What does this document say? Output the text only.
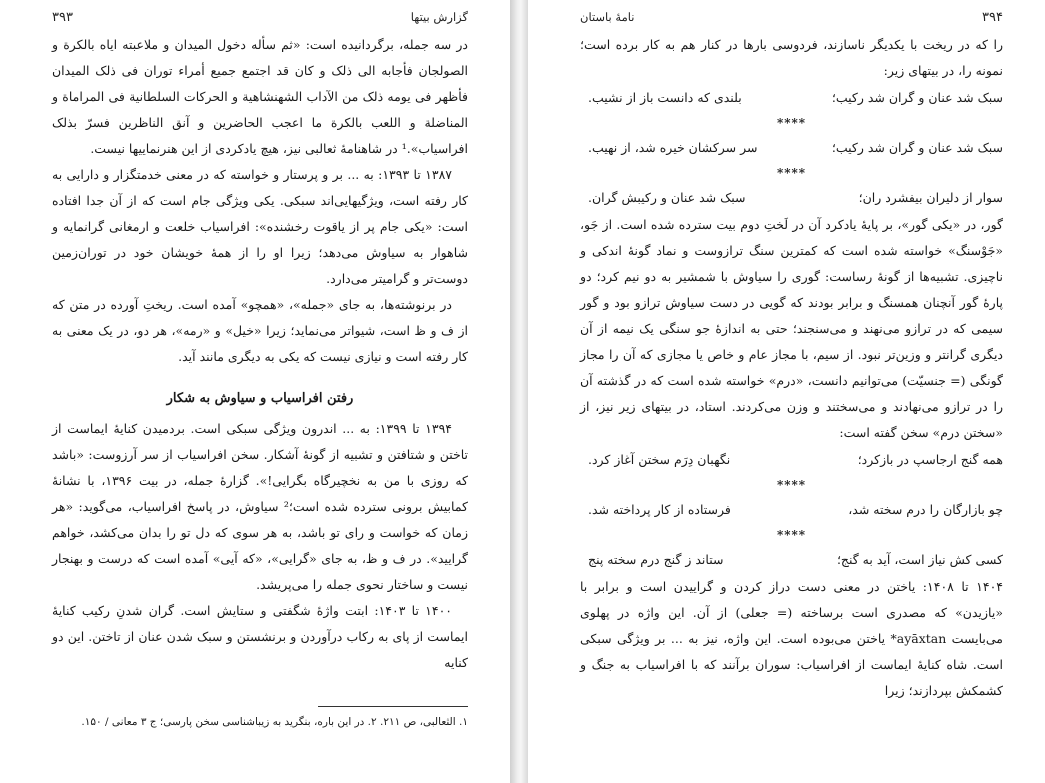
گزارش بیتها
۳۹۳

در سه جمله، برگردانیده است: «ثم سأله دخول المیدان و ملاعبته ایاه بالکرة و الصولجان فأجابه الی ذلک و کان قد اجتمع جمیع أمراء توران فی ذلک المیدان فأظهر فی یومه ذلک من الآداب الشهنشاهیة و الحرکات السلطانیة فی المراماة و المناضلة و اللعب بالکرة ما اعجب الحاضرین و آنق الناظرین فسرّ بذلک افراسیاب».¹ در شاهنامهٔ ثعالبی نیز، هیچ یادکردی از این هنرنماییها نیست.

۱۳۸۷ تا ۱۳۹۳: به ... بر و پرستار و خواسته که در معنی خدمتگزار و دارایی به کار رفته است، ویژگیهایی‌اند سبکی. یکی ویژگی جام است که از آن جدا افتاده است: «یکی جام پر از یاقوت رخشنده»: افراسیاب خلعت و ارمغانی گرانمایه و شاهوار به سیاوش می‌دهد؛ زیرا او را از همهٔ خویشان خود در توران‌زمین دوست‌تر و گرامیتر می‌دارد.

در برنوشته‌ها، به جای «جمله»، «همچو» آمده است. ریختِ آورده در متن که از ف و ظ است، شیواتر می‌نماید؛ زیرا «خیل» و «رمه»، هر دو، در یک معنی به کار رفته است و نیازی نیست که یکی به دیگری مانند آید.

رفتن افراسیاب و سیاوش به شکار

۱۳۹۴ تا ۱۳۹۹: به ... اندرون ویژگی سبکی است. بردمیدن کنایهٔ ایماست از تاختن و شتافتن و تشبیه از گونهٔ آشکار. سخن افراسیاب از سر آرزوست: «باشد که روزی با من به نخچیرگاه بگرایی!». گزارهٔ جمله، در بیت ۱۳۹۶، با نشانهٔ کمابیش برونی سترده شده است؛² سیاوش، در پاسخ افراسیاب، می‌گوید: «هر زمان که خواست و رای تو باشد، به هر سوی که دل تو را بدان می‌کشد، خواهم گرایید». در ف و ظ، به جای «گرایی»، «که آیی» آمده است که درست و بهنجار نیست و ساختار نحوی جمله را می‌پریشد.

۱۴۰۰ تا ۱۴۰۳: ابتت واژهٔ شگفتی و ستایش است. گران شدنِ رکیب کنایهٔ ایماست از پای به رکاب درآوردن و برنشستن و سبک شدن عنان از تاختن. این دو کنایه

۱. الثعالبی، ص ۲۱۱. ۲. در این باره، بنگرید به زیباشناسی سخن پارسی؛ ج ۳ معانی / ۱۵۰.
۳۹۴
نامهٔ باستان

را که در ریخت با یکدیگر ناسازند، فردوسی بارها در کنار هم به کار برده است؛ نمونه را، در بیتهای زیر:

سبک شد عنان و گران شد رکیب؛
بلندی که دانست باز از نشیب.
****
سبک شد عنان و گران شد رکیب؛
سر سرکشان خیره شد، از نهیب.
****
سوار از دلیران بیفشرد ران؛
سبک شد عنان و رکیبش گران.

گور، در «یکی گور»، بر پایهٔ یادکرد آن در لَختِ دوم بیت سترده شده است. از جَو، «جَوْسنگ» خواسته شده است که کمترین سنگ ترازوست و نماد گونهٔ اندکی و ناچیزی. تشبیه‌ها از گونهٔ رساست: گوری را سیاوش با شمشیر به دو نیم کرد؛ دو پارهٔ گور آنچنان همسنگ و برابر بودند که گویی در دست سیاوش ترازو بود و گور سیمی که در ترازو می‌نهند و می‌سنجند؛ حتی به اندازهٔ جو سنگی یک نیمه از آن دیگری گرانتر و وزین‌تر نبود. از سیم، با مجاز عام و خاص یا مجازی که آن را مجاز گونگی (= جنسیّت) می‌توانیم دانست، «درم» خواسته شده است که در گذشته آن را در ترازو می‌نهادند و می‌سختند و وزن می‌کردند. استاد، در بیتهای زیر نیز، از «سختن درم» سخن گفته است:

همه گنج ارجاسپ در بازکرد؛
نگهبان دِرَم سختن آغاز کرد.
****
چو بازارگان را درم سخته شد،
فرستاده از کار پرداخته شد.
****
کسی کش نیاز است، آید به گنج؛
ستاند ز گنج درم سخته پنج

۱۴۰۴ تا ۱۴۰۸: یاختن در معنی دست دراز کردن و گراییدن است و برابر با «یازیدن» که مصدری است برساخته (= جعلی) از آن. این واژه در پهلوی می‌بایست ayāxtan* یاختن می‌بوده است. این واژه، نیز به ... بر ویژگی سبکی است. شاه کنایهٔ ایماست از افراسیاب: سوران برآنند که با افراسیاب به جنگ و کشمکش بپردازند؛ زیرا
